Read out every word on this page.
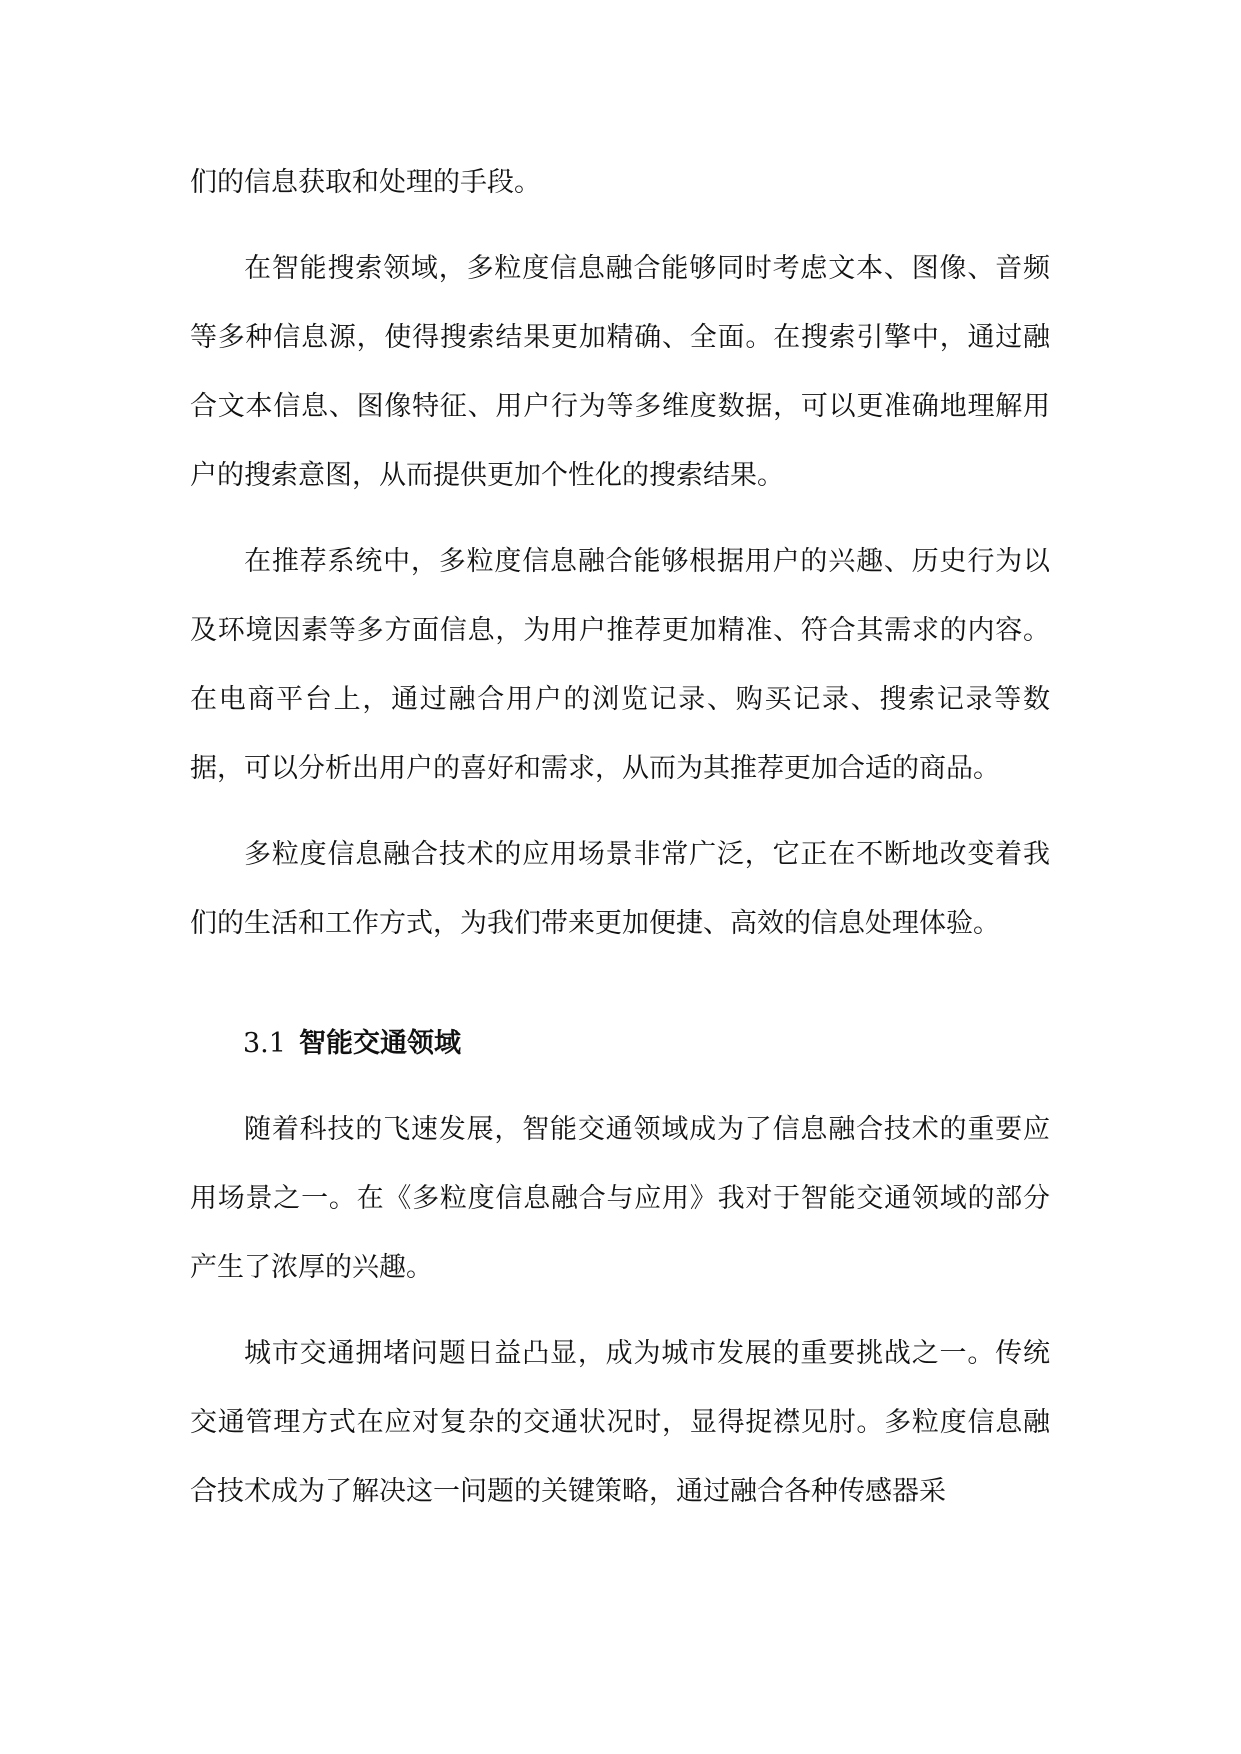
们的信息获取和处理的手段。

在智能搜索领域，多粒度信息融合能够同时考虑文本、图像、音频等多种信息源，使得搜索结果更加精确、全面。在搜索引擎中，通过融合文本信息、图像特征、用户行为等多维度数据，可以更准确地理解用户的搜索意图，从而提供更加个性化的搜索结果。

在推荐系统中，多粒度信息融合能够根据用户的兴趣、历史行为以及环境因素等多方面信息，为用户推荐更加精准、符合其需求的内容。在电商平台上，通过融合用户的浏览记录、购买记录、搜索记录等数据，可以分析出用户的喜好和需求，从而为其推荐更加合适的商品。

多粒度信息融合技术的应用场景非常广泛，它正在不断地改变着我们的生活和工作方式，为我们带来更加便捷、高效的信息处理体验。

3.1 智能交通领域

随着科技的飞速发展，智能交通领域成为了信息融合技术的重要应用场景之一。在《多粒度信息融合与应用》我对于智能交通领域的部分产生了浓厚的兴趣。

城市交通拥堵问题日益凸显，成为城市发展的重要挑战之一。传统交通管理方式在应对复杂的交通状况时，显得捉襟见肘。多粒度信息融合技术成为了解决这一问题的关键策略，通过融合各种传感器采
